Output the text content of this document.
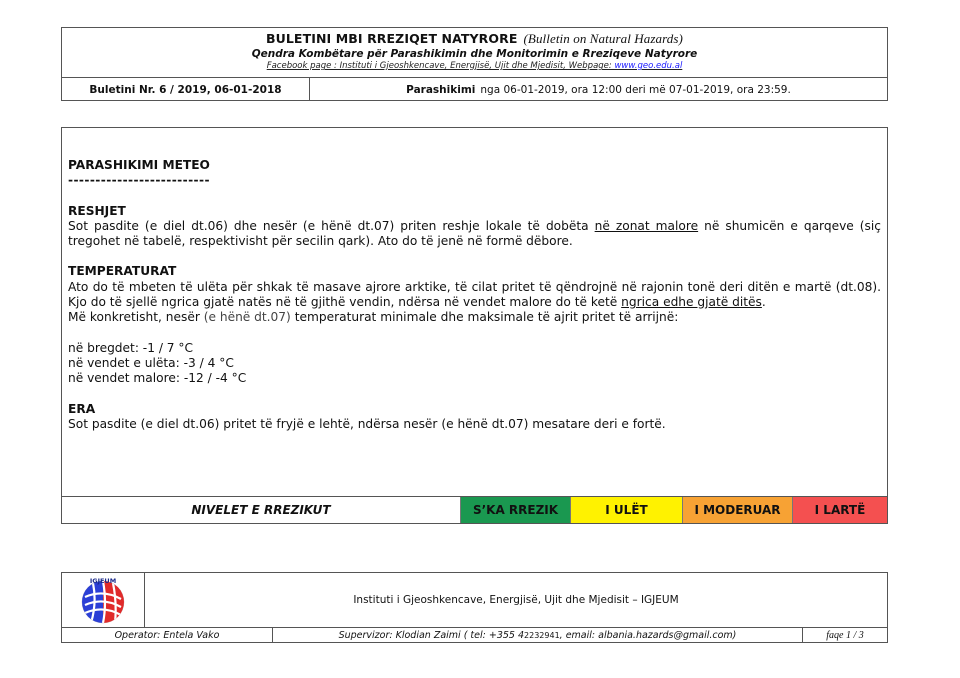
BULETINI MBI RREZIQET NATYRORE (Bulletin on Natural Hazards)
Qendra Kombëtare për Parashikimin dhe Monitorimin e Rreziqeve Natyrore
Facebook page : Instituti i Gjeoshkencave, Energjisë, Ujit dhe Mjedisit, Webpage: www.geo.edu.al
Buletini Nr. 6 / 2019, 06-01-2018	Parashikimi nga 06-01-2019, ora 12:00 deri më 07-01-2019, ora 23:59.
PARASHIKIMI METEO
--------------------------
RESHJET

Sot pasdite (e diel dt.06) dhe nesër (e hënë dt.07) priten reshje lokale të dobëta në zonat malore në shumicën e qarqeve (siç tregohet në tabelë, respektivisht për secilin qark). Ato do të jenë në formë dëbore.

TEMPERATURAT

Ato do të mbeten të ulëta për shkak të masave ajrore arktike, të cilat pritet të qëndrojnë në rajonin tonë deri ditën e martë (dt.08). Kjo do të sjellë ngrica gjatë natës në të gjithë vendin, ndërsa në vendet malore do të ketë ngrica edhe gjatë ditës.

Më konkretisht, nesër (e hënë dt.07) temperaturat minimale dhe maksimale të ajrit pritet të arrijnë:

në bregdet: -1 / 7 °C
në vendet e ulëta: -3 / 4 °C
në vendet malore: -12 / -4 °C
ERA

Sot pasdite (e diel dt.06) pritet të fryjë e lehtë, ndërsa nesër (e hënë dt.07) mesatare deri e fortë.

NIVELET E RREZIKUT	S’KA RREZIK	I ULËT	I MODERUAR	I LARTË
IGJEUM
Instituti i Gjeoshkencave, Energjisë, Ujit dhe Mjedisit – IGJEUM
Operator: Entela Vako	Supervizor: Klodian Zaimi ( tel: +355 4 2232941 , email: albania.hazards@gmail.com)	faqe 1 / 3
